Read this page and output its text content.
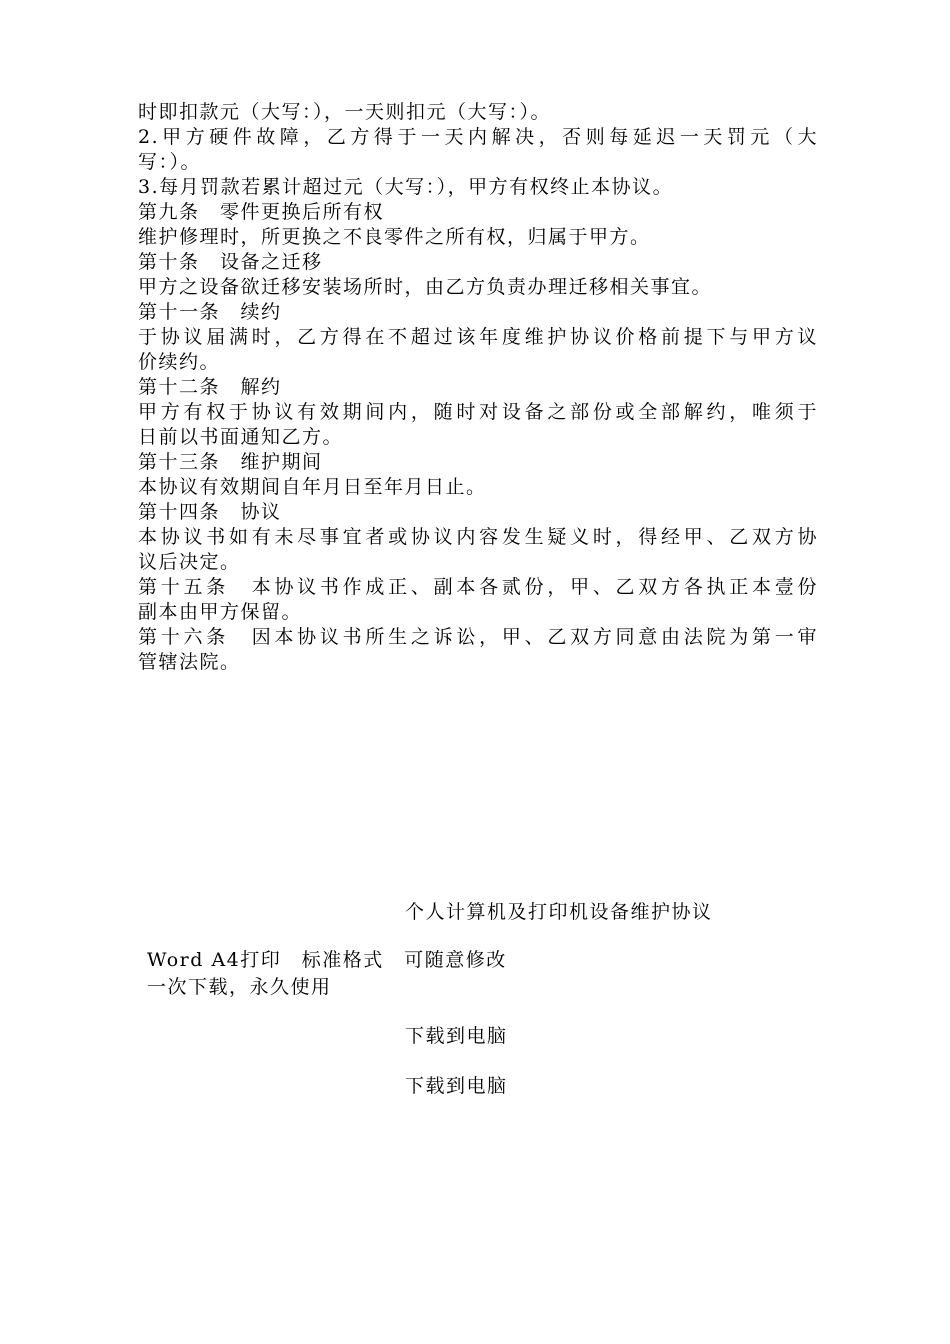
时即扣款元（大写：），一天则扣元（大写：）。
2.甲方硬件故障，乙方得于一天内解决，否则每延迟一天罚元（大
写：）。
3.每月罚款若累计超过元（大写：），甲方有权终止本协议。
第九条　零件更换后所有权
维护修理时，所更换之不良零件之所有权，归属于甲方。
第十条　设备之迁移
甲方之设备欲迁移安装场所时，由乙方负责办理迁移相关事宜。
第十一条　续约
于协议届满时，乙方得在不超过该年度维护协议价格前提下与甲方议
价续约。
第十二条　解约
甲方有权于协议有效期间内，随时对设备之部份或全部解约，唯须于
日前以书面通知乙方。
第十三条　维护期间
本协议有效期间自年月日至年月日止。
第十四条　协议
本协议书如有未尽事宜者或协议内容发生疑义时，得经甲、乙双方协
议后决定。
第十五条　本协议书作成正、副本各贰份，甲、乙双方各执正本壹份
副本由甲方保留。
第十六条　因本协议书所生之诉讼，甲、乙双方同意由法院为第一审
管辖法院。
个人计算机及打印机设备维护协议
Word A4打印　标准格式　可随意修改
一次下载，永久使用
下载到电脑
下载到电脑
